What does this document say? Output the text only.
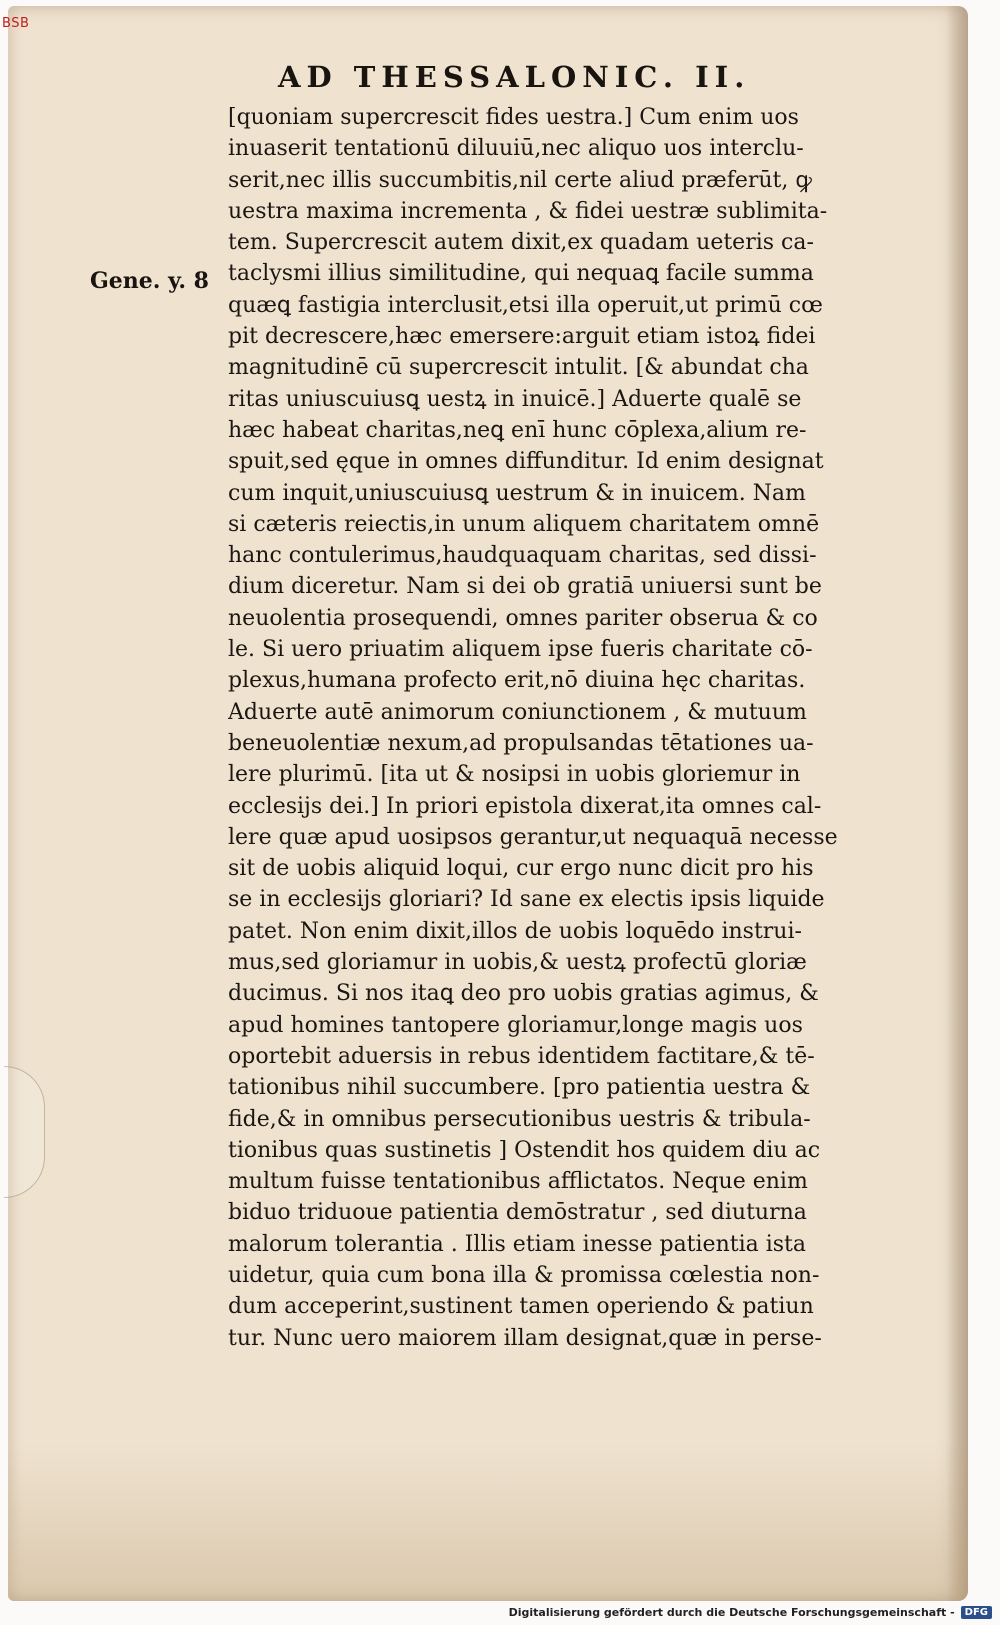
BSB
AD THESSALONIC. II.
Gene. y. 8
[quoniam supercrescit fides uestra.] Cum enim uos
inuaserit tentationū diluuiū,nec aliquo uos interclu-
serit,nec illis succumbitis,nil certe aliud præferūt, ꝙ
uestra maxima incrementa , & fidei uestræ sublimita-
tem. Supercrescit autem dixit,ex quadam ueteris ca-
taclysmi illius similitudine, qui nequaꝗ facile summa
quæꝗ fastigia interclusit,etsi illa operuit,ut primū cœ
pit decrescere,hæc emersere:arguit etiam istoꝝ fidei
magnitudinē cū supercrescit intulit. [& abundat cha
ritas uniuscuiusꝗ uestꝝ in inuicē.] Aduerte qualē se
hæc habeat charitas,neꝗ enī hunc cōplexa,alium re-
spuit,sed ęque in omnes diffunditur. Id enim designat
cum inquit,uniuscuiusꝗ uestrum & in inuicem. Nam
si cæteris reiectis,in unum aliquem charitatem omnē
hanc contulerimus,haudquaquam charitas, sed dissi-
dium diceretur. Nam si dei ob gratiā uniuersi sunt be
neuolentia prosequendi, omnes pariter obserua & co
le. Si uero priuatim aliquem ipse fueris charitate cō-
plexus,humana profecto erit,nō diuina hęc charitas.
Aduerte autē animorum coniunctionem , & mutuum
beneuolentiæ nexum,ad propulsandas tētationes ua-
lere plurimū. [ita ut & nosipsi in uobis gloriemur in
ecclesijs dei.] In priori epistola dixerat,ita omnes cal-
lere quæ apud uosipsos gerantur,ut nequaquā necesse
sit de uobis aliquid loqui, cur ergo nunc dicit pro his
se in ecclesijs gloriari? Id sane ex electis ipsis liquide
patet. Non enim dixit,illos de uobis loquēdo instrui-
mus,sed gloriamur in uobis,& uestꝝ profectū gloriæ
ducimus. Si nos itaꝗ deo pro uobis gratias agimus, &
apud homines tantopere gloriamur,longe magis uos
oportebit aduersis in rebus identidem factitare,& tē-
tationibus nihil succumbere. [pro patientia uestra &
fide,& in omnibus persecutionibus uestris & tribula-
tionibus quas sustinetis ] Ostendit hos quidem diu ac
multum fuisse tentationibus afflictatos. Neque enim
biduo triduoue patientia demōstratur , sed diuturna
malorum tolerantia . Illis etiam inesse patientia ista
uidetur, quia cum bona illa & promissa cœlestia non-
dum acceperint,sustinent tamen operiendo & patiun
tur. Nunc uero maiorem illam designat,quæ in perse-
Digitalisierung gefördert durch die Deutsche Forschungsgemeinschaft -	DFG
